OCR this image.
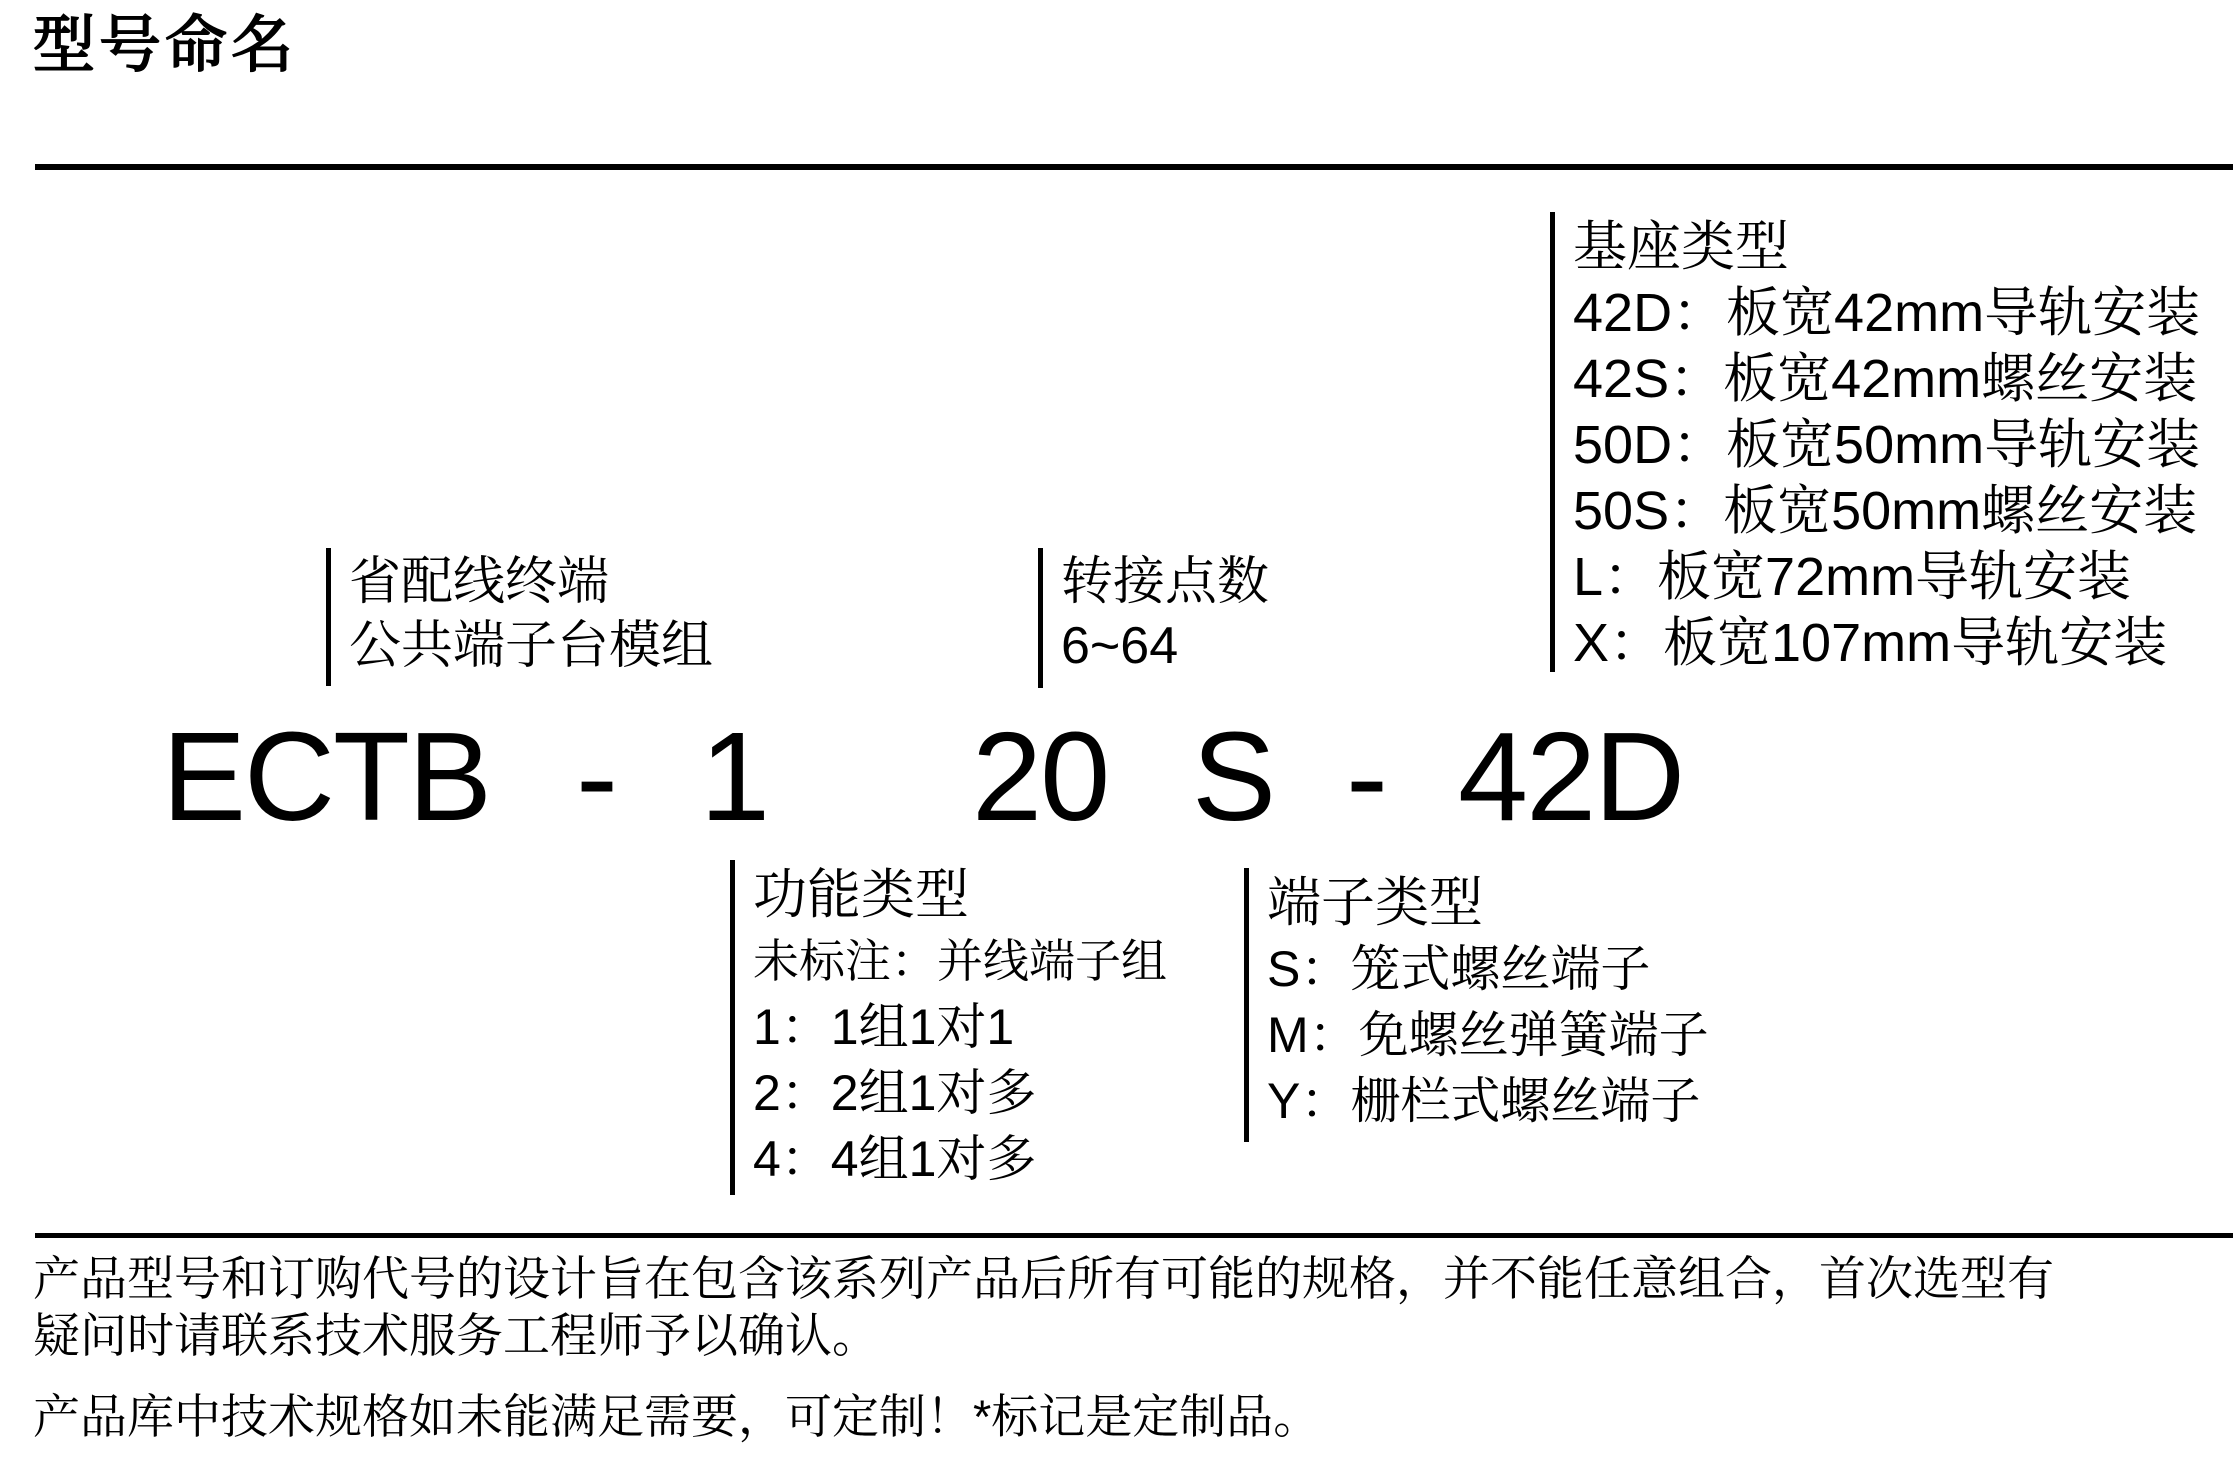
型号命名
基座类型
42D：板宽42mm导轨安装
42S：板宽42mm螺丝安装
50D：板宽50mm导轨安装
50S：板宽50mm螺丝安装
L：板宽72mm导轨安装
X：板宽107mm导轨安装
省配线终端
公共端子台模组
转接点数
6~64
ECTB - 1 20 S - 42D
功能类型
未标注：并线端子组
1：1组1对1
2：2组1对多
4：4组1对多
端子类型
S：笼式螺丝端子
M：免螺丝弹簧端子
Y：栅栏式螺丝端子
产品型号和订购代号的设计旨在包含该系列产品后所有可能的规格，并不能任意组合，首次选型有
疑问时请联系技术服务工程师予以确认。
产品库中技术规格如未能满足需要，可定制！*标记是定制品。
